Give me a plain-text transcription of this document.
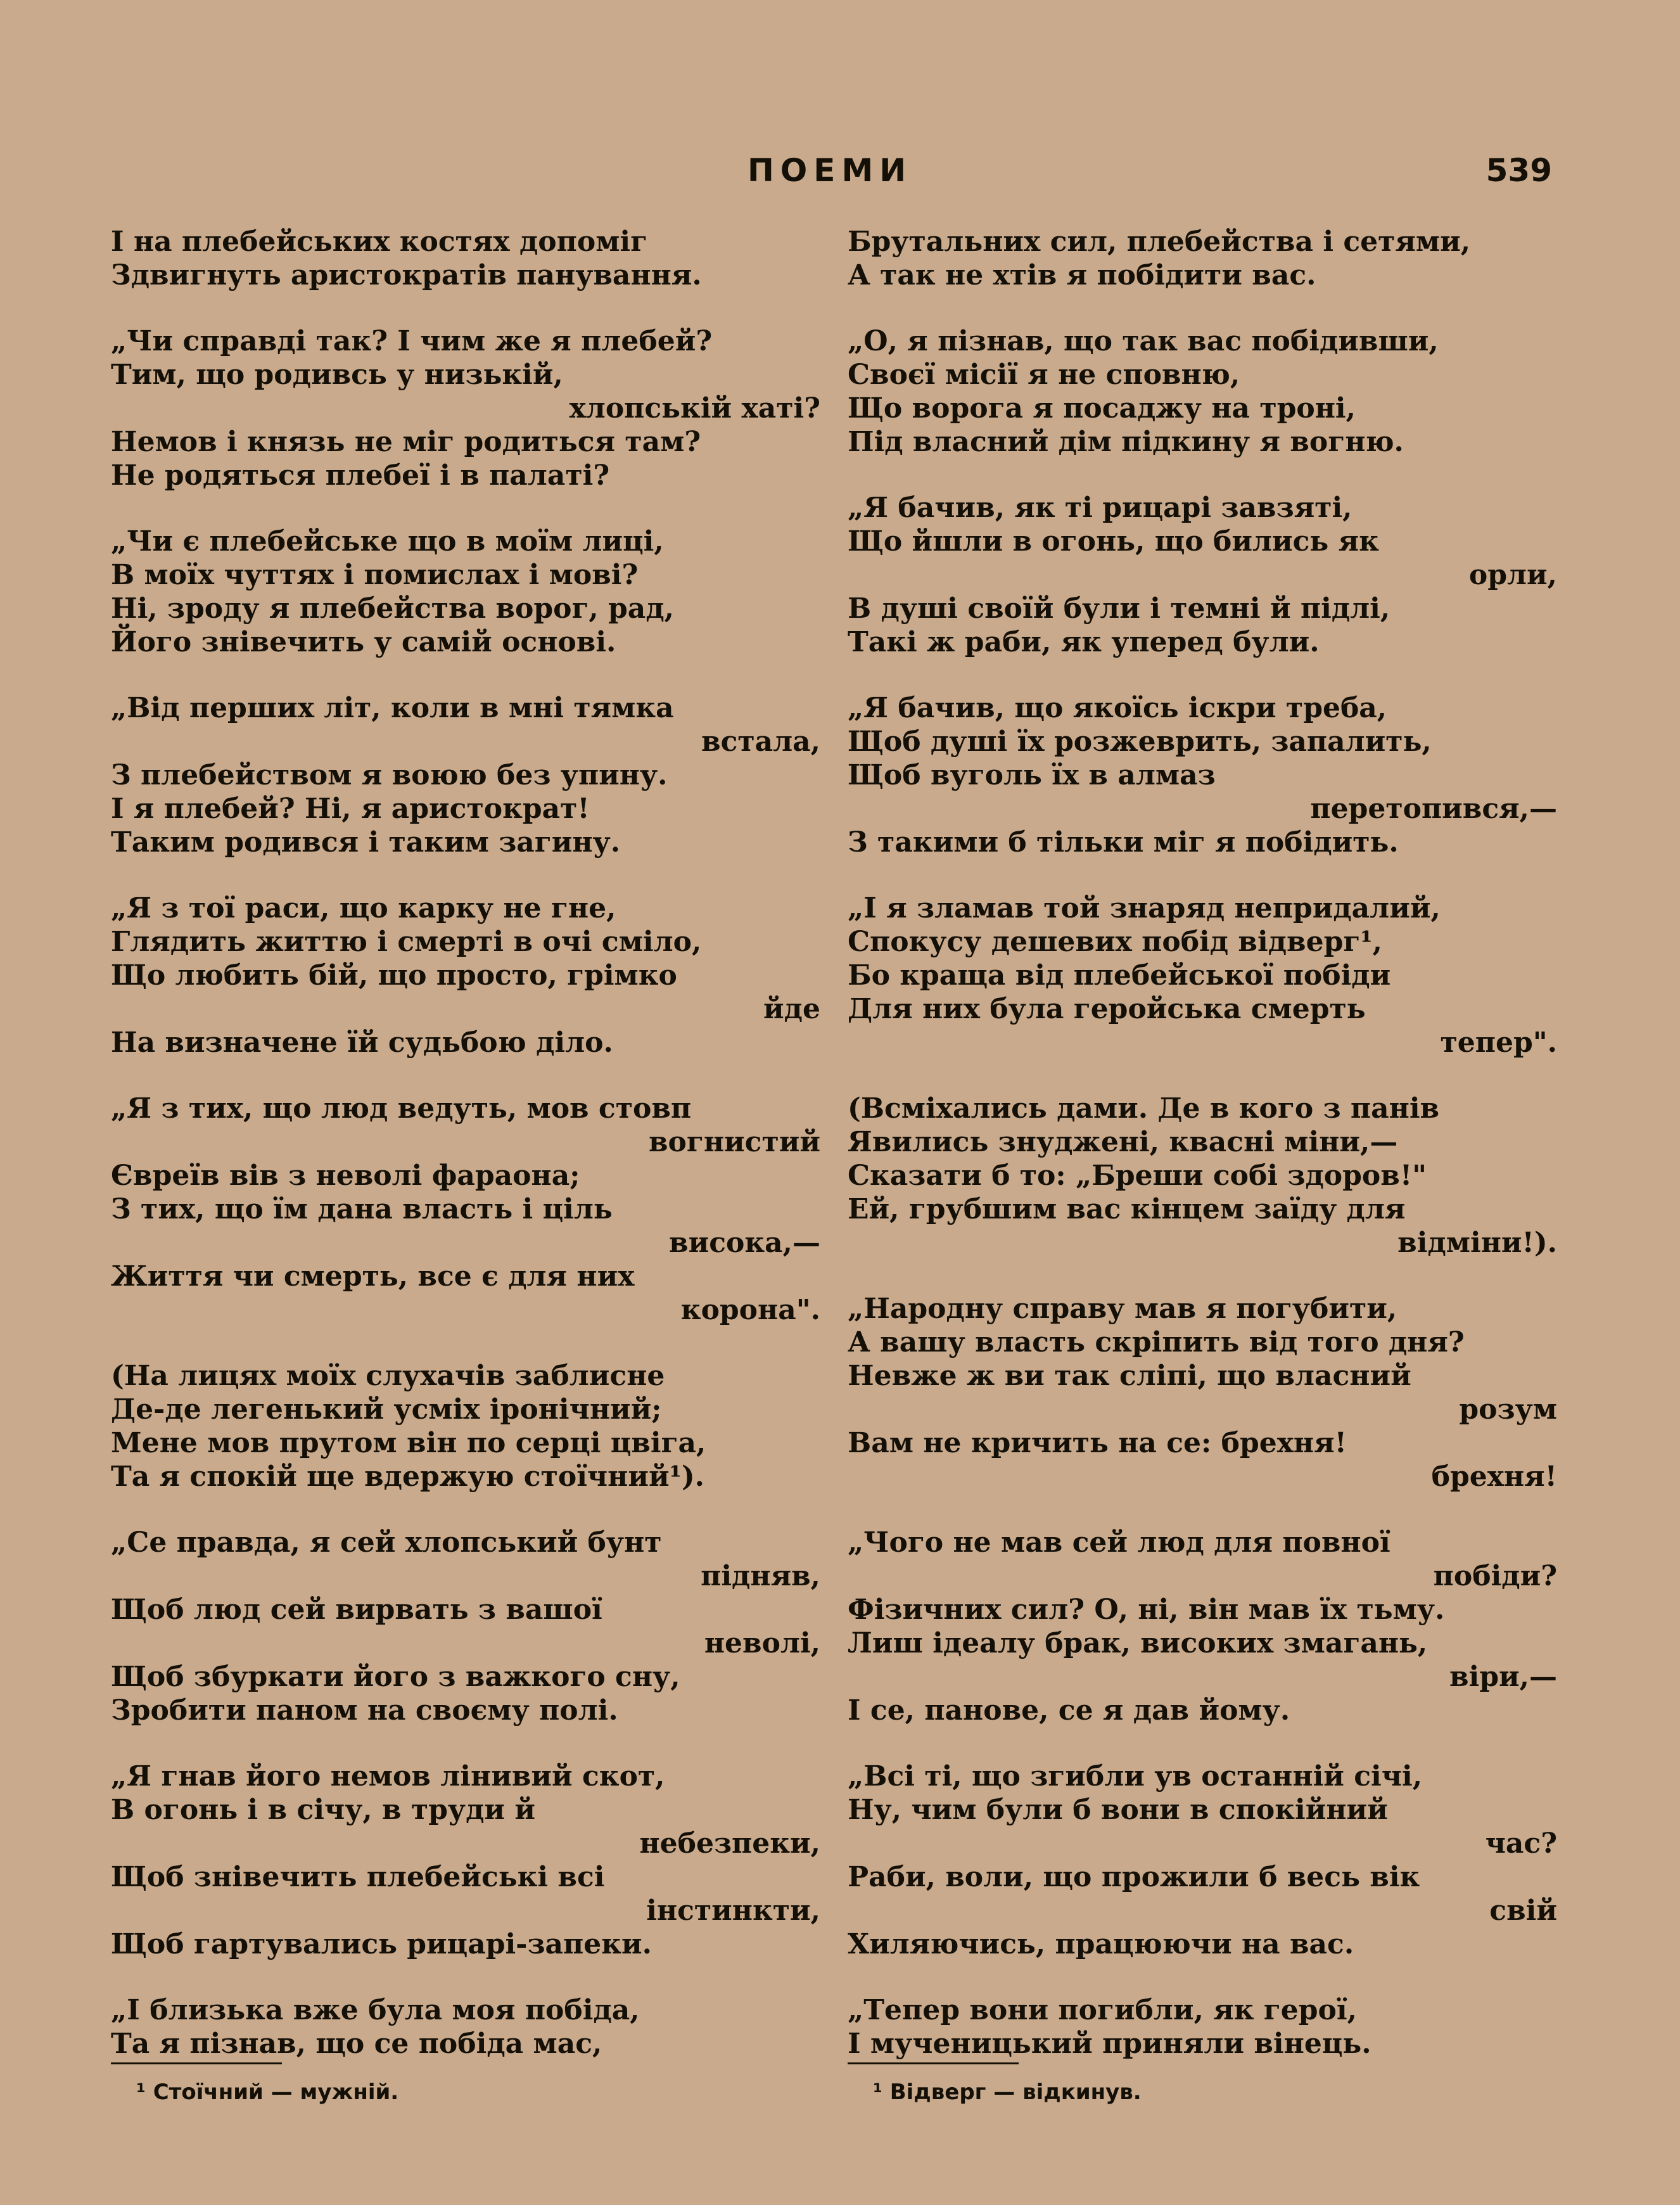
ПОЕМИ	539
І на плебейських костях допоміг
Здвигнуть аристократів панування.
„Чи справді так? І чим же я плебей?
Тим, що родивсь у низькій,
хлопській хаті?
Немов і князь не міг родиться там?
Не родяться плебеї і в палаті?
„Чи є плебейське що в моїм лиці,
В моїх чуттях і помислах і мові?
Ні, зроду я плебейства ворог, рад,
Його знівечить у самій основі.
„Від перших літ, коли в мні тямка
встала,
З плебейством я воюю без упину.
І я плебей? Ні, я аристократ!
Таким родився і таким загину.
„Я з тої раси, що карку не гне,
Глядить життю і смерті в очі сміло,
Що любить бій, що просто, грімко
йде
На визначене їй судьбою діло.
„Я з тих, що люд ведуть, мов стовп
вогнистий
Євреїв вів з неволі фараона;
З тих, що їм дана власть і ціль
висока,—
Життя чи смерть, все є для них
корона".
(На лицях моїх слухачів заблисне
Де-де легенький усміх іронічний;
Мене мов прутом він по серці цвіга,
Та я спокій ще вдержую стоїчний¹).
„Се правда, я сей хлопський бунт
підняв,
Щоб люд сей вирвать з вашої
неволі,
Щоб збуркати його з важкого сну,
Зробити паном на своєму полі.
„Я гнав його немов лінивий скот,
В огонь і в січу, в труди й
небезпеки,
Щоб знівечить плебейські всі
інстинкти,
Щоб гартувались рицарі-запеки.
„І близька вже була моя побіда,
Та я пізнав, що се побіда мас,
Брутальних сил, плебейства і сетями,
А так не хтів я побідити вас.
„О, я пізнав, що так вас побідивши,
Своєї місії я не сповню,
Що ворога я посаджу на троні,
Під власний дім підкину я вогню.
„Я бачив, як ті рицарі завзяті,
Що йшли в огонь, що бились як
орли,
В душі своїй були і темні й підлі,
Такі ж раби, як уперед були.
„Я бачив, що якоїсь іскри треба,
Щоб душі їх розжеврить, запалить,
Щоб вуголь їх в алмаз
перетопився,—
З такими б тільки міг я побідить.
„І я зламав той знаряд непридалий,
Спокусу дешевих побід відверг¹,
Бо краща від плебейської побіди
Для них була геройська смерть
тепер".
(Всміхались дами. Де в кого з панів
Явились знуджені, квасні міни,—
Сказати б то: „Бреши собі здоров!"
Ей, грубшим вас кінцем заїду для
відміни!).
„Народну справу мав я погубити,
А вашу власть скріпить від того дня?
Невже ж ви так сліпі, що власний
розум
Вам не кричить на се: брехня!
брехня!
„Чого не мав сей люд для повної
побіди?
Фізичних сил? О, ні, він мав їх тьму.
Лиш ідеалу брак, високих змагань,
віри,—
І се, панове, се я дав йому.
„Всі ті, що згибли ув останній січі,
Ну, чим були б вони в спокійний
час?
Раби, воли, що прожили б весь вік
свій
Хиляючись, працюючи на вас.
„Тепер вони погибли, як герої,
І мученицький приняли вінець.
¹ Стоїчний — мужній.	¹ Відверг — відкинув.
